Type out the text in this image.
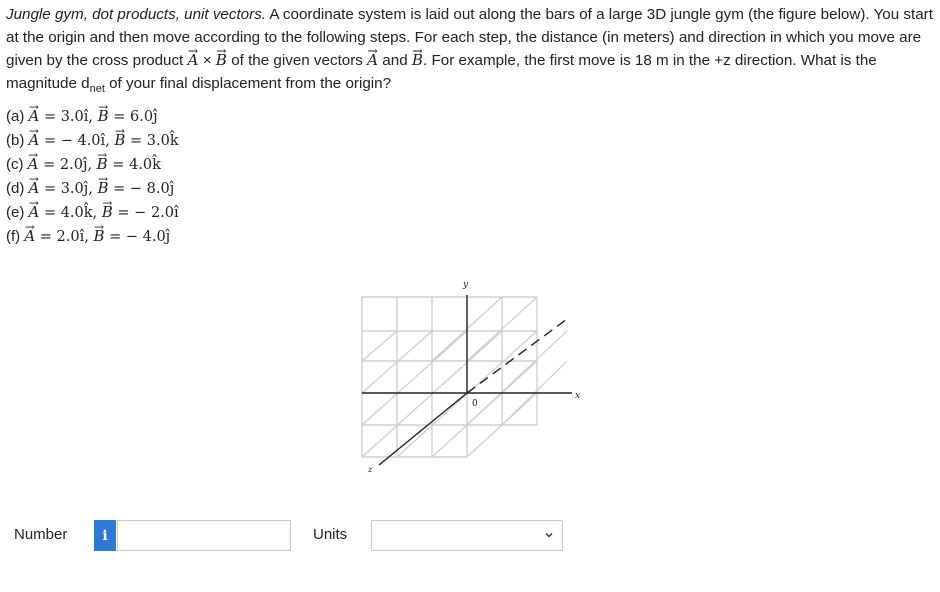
Jungle gym, dot products, unit vectors. A coordinate system is laid out along the bars of a large 3D jungle gym (the figure below). You start at the origin and then move according to the following steps. For each step, the distance (in meters) and direction in which you move are given by the cross product → A × → B of the given vectors → A and → B. For example, the first move is 18 m in the +z direction. What is the magnitude $d_{net}$ of your final displacement from the origin?

(a) → A = 3.0î, → B = 6.0ĵ
(b) → A = − 4.0î, → B = 3.0k̂
(c) → A = 2.0ĵ, → B = 4.0k̂
(d) → A = 3.0ĵ, → B = − 8.0ĵ
(e) → A = 4.0k̂, → B = − 2.0î
(f) → A = 2.0î, → B = − 4.0ĵ
y
x
z
0
Number	i	Units
